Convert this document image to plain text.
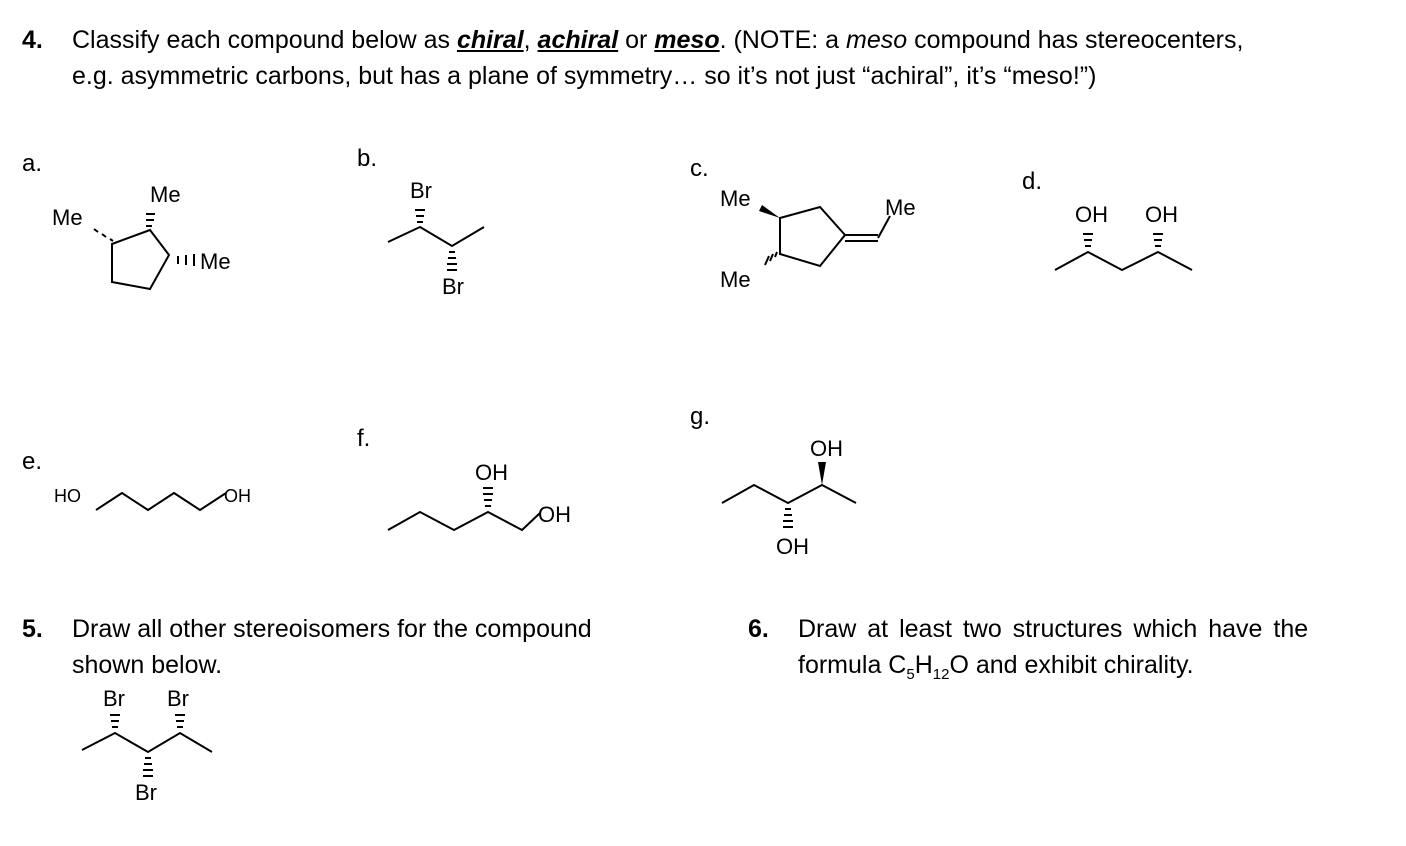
4. Classify each compound below as chiral, achiral or meso. (NOTE: a meso compound has stereocenters,
e.g. asymmetric carbons, but has a plane of symmetry… so it’s not just “achiral”, it’s “meso!”)
a.	b.	c.	d.
e.
f.
g.
Me
Me
Me
Br
Br
Me	Me
Me
OH OH
HO	OH
OH
OH
OH
OH
5. Draw all other stereoisomers for the compound
shown below.
Br Br
Br
6. Draw at least two structures which have the
formula $C_5H_{12}O$ and exhibit chirality.
